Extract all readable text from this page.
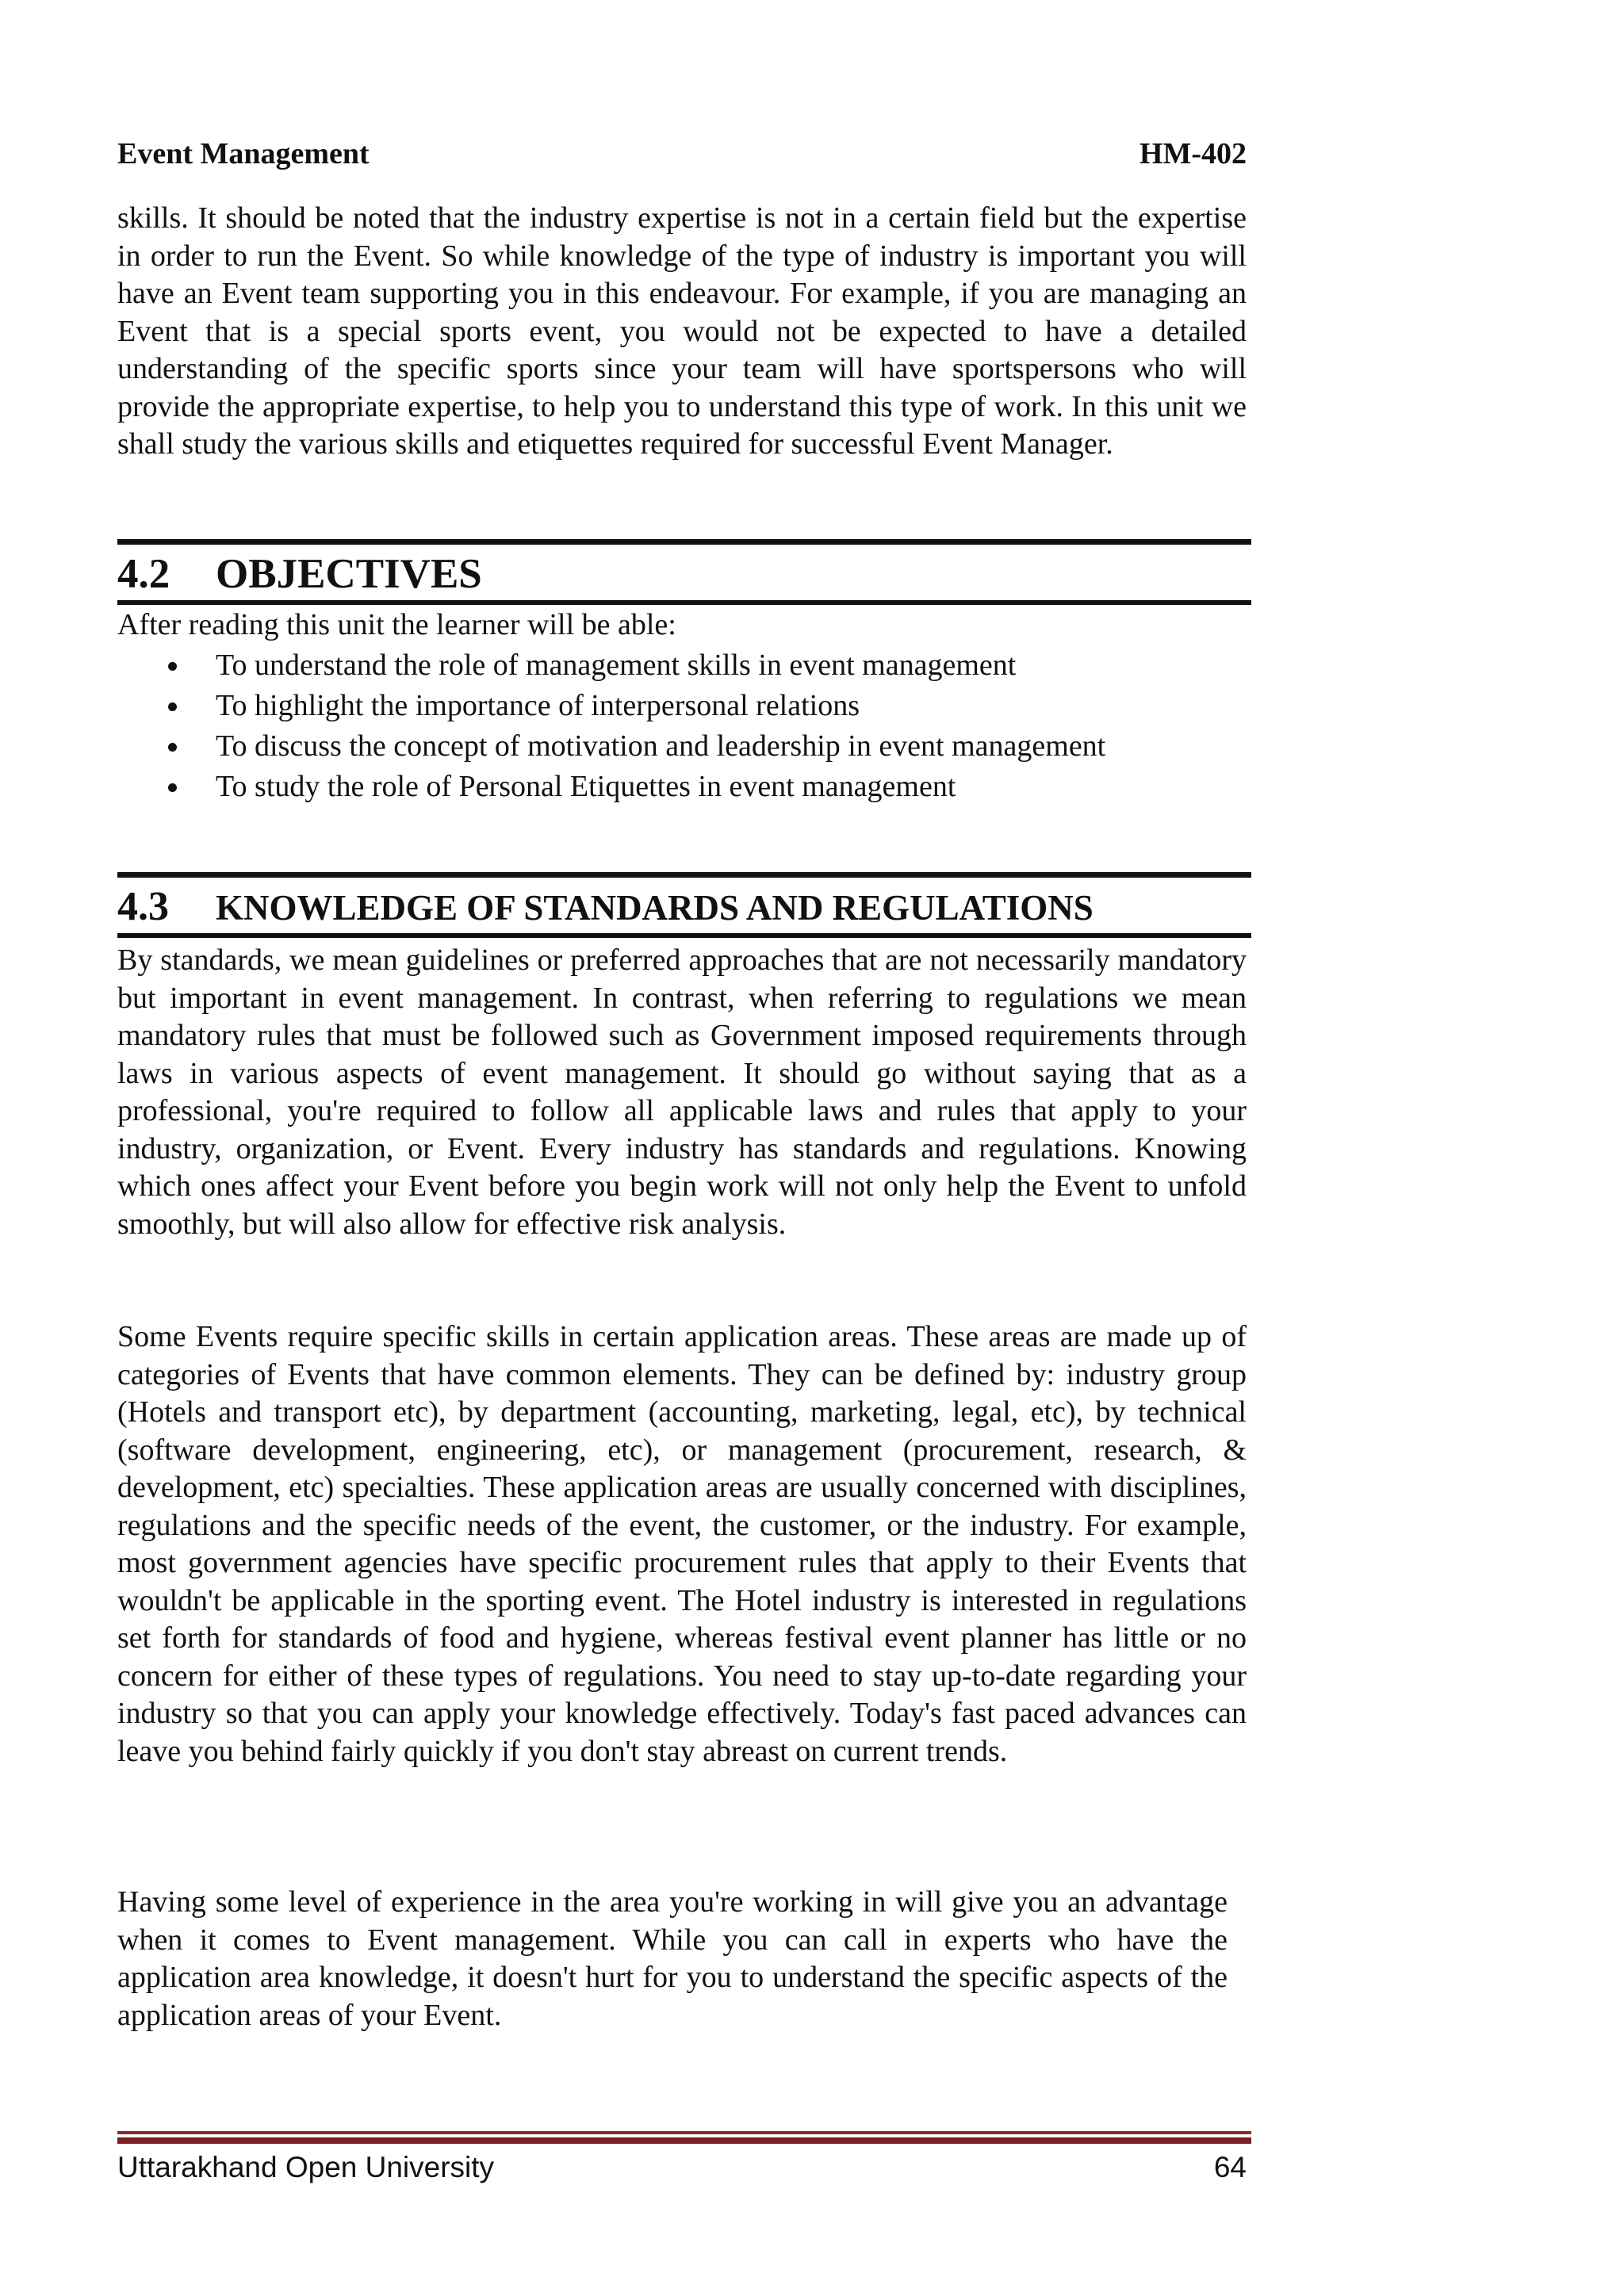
Event Management	HM-402

skills. It should be noted that the industry expertise is not in a certain field but the expertise in order to run the Event. So while knowledge of the type of industry is important you will have an Event team supporting you in this endeavour. For example, if you are managing an Event that is a special sports event, you would not be expected to have a detailed understanding of the specific sports since your team will have sportspersons who will provide the appropriate expertise, to help you to understand this type of work. In this unit we shall study the various skills and etiquettes required for successful Event Manager.

4.2 OBJECTIVES

After reading this unit the learner will be able:

To understand the role of management skills in event management
To highlight the importance of interpersonal relations
To discuss the concept of motivation and leadership in event management
To study the role of Personal Etiquettes in event management
4.3 KNOWLEDGE OF STANDARDS AND REGULATIONS

By standards, we mean guidelines or preferred approaches that are not necessarily mandatory but important in event management. In contrast, when referring to regulations we mean mandatory rules that must be followed such as Government imposed requirements through laws in various aspects of event management. It should go without saying that as a professional, you're required to follow all applicable laws and rules that apply to your industry, organization, or Event. Every industry has standards and regulations. Knowing which ones affect your Event before you begin work will not only help the Event to unfold smoothly, but will also allow for effective risk analysis.

Some Events require specific skills in certain application areas. These areas are made up of categories of Events that have common elements. They can be defined by: industry group (Hotels and transport etc), by department (accounting, marketing, legal, etc), by technical (software development, engineering, etc), or management (procurement, research, & development, etc) specialties. These application areas are usually concerned with disciplines, regulations and the specific needs of the event, the customer, or the industry. For example, most government agencies have specific procurement rules that apply to their Events that wouldn't be applicable in the sporting event. The Hotel industry is interested in regulations set forth for standards of food and hygiene, whereas festival event planner has little or no concern for either of these types of regulations. You need to stay up-to-date regarding your industry so that you can apply your knowledge effectively. Today's fast paced advances can leave you behind fairly quickly if you don't stay abreast on current trends.

Having some level of experience in the area you're working in will give you an advantage when it comes to Event management. While you can call in experts who have the application area knowledge, it doesn't hurt for you to understand the specific aspects of the application areas of your Event.

Uttarakhand Open University	64
